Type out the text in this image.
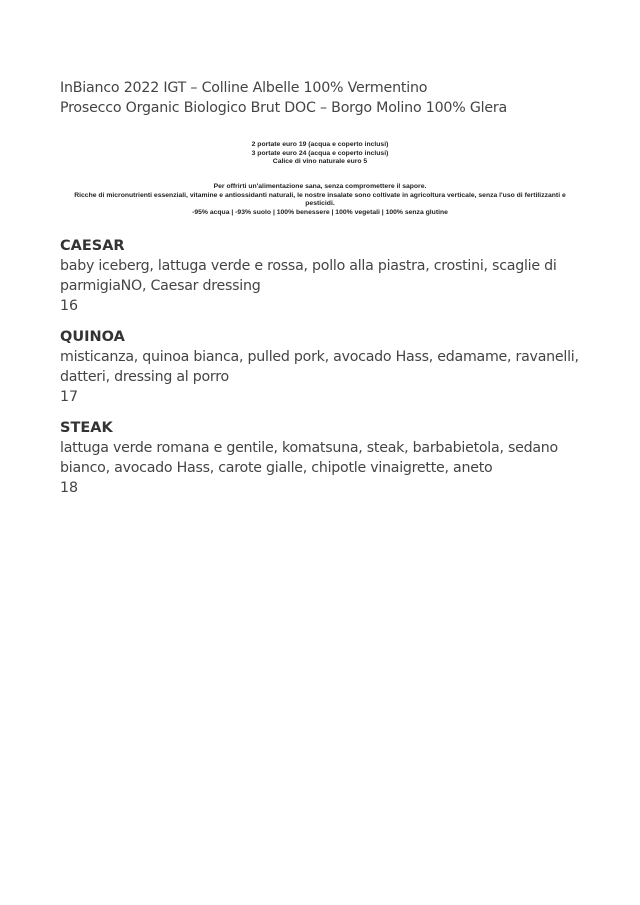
InBianco 2022 IGT – Colline Albelle 100% Vermentino
Prosecco Organic Biologico Brut DOC – Borgo Molino 100% Glera
2 portate euro 19 (acqua e coperto inclusi)
3 portate euro 24 (acqua e coperto inclusi)
Calice di vino naturale euro 5
Per offrirti un'alimentazione sana, senza compromettere il sapore.
Ricche di micronutrienti essenziali, vitamine e antiossidanti naturali, le nostre insalate sono coltivate in agricoltura verticale, senza l'uso di fertilizzanti e pesticidi.
-95% acqua | -93% suolo | 100% benessere | 100% vegetali | 100% senza glutine
CAESAR
baby iceberg, lattuga verde e rossa, pollo alla piastra, crostini, scaglie di parmigiaNO, Caesar dressing
16
QUINOA
misticanza, quinoa bianca, pulled pork, avocado Hass, edamame, ravanelli, datteri, dressing al porro
17
STEAK
lattuga verde romana e gentile, komatsuna, steak, barbabietola, sedano bianco, avocado Hass, carote gialle, chipotle vinaigrette, aneto
18
